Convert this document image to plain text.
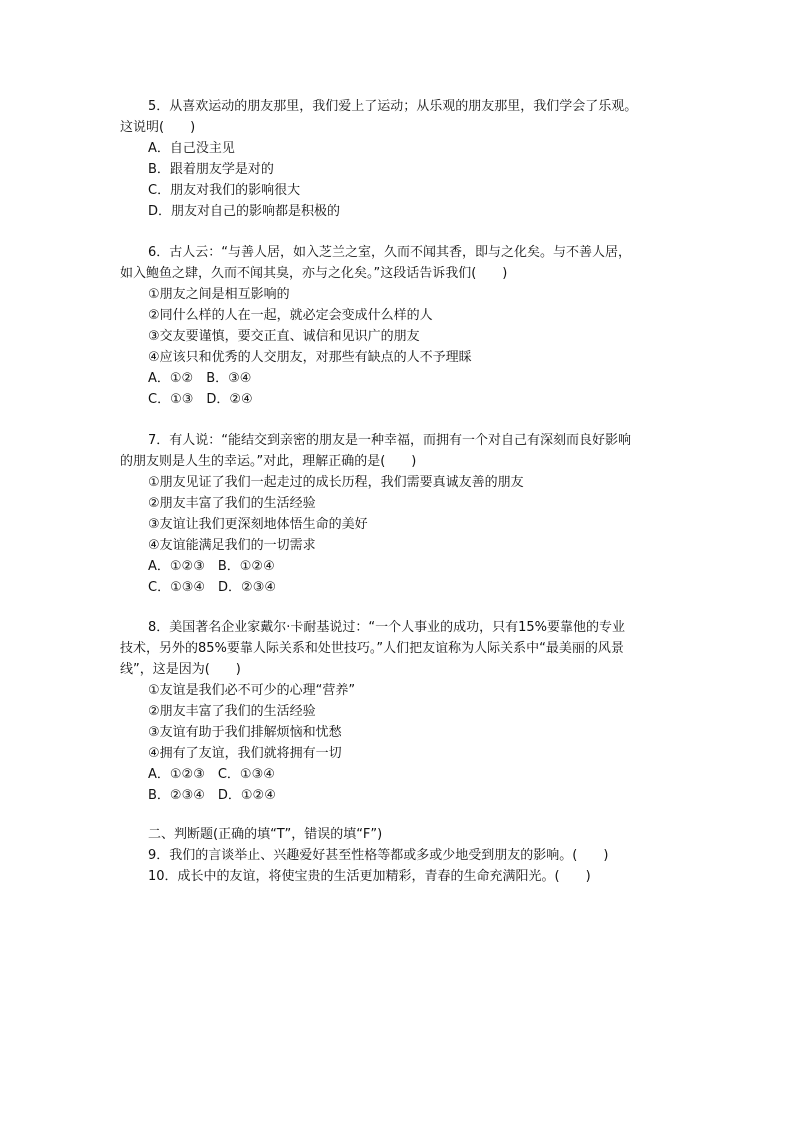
5．从喜欢运动的朋友那里，我们爱上了运动；从乐观的朋友那里，我们学会了乐观。
这说明(　　)
A．自己没主见
B．跟着朋友学是对的
C．朋友对我们的影响很大
D．朋友对自己的影响都是积极的
6．古人云：“与善人居，如入芝兰之室，久而不闻其香，即与之化矣。与不善人居，
如入鲍鱼之肆，久而不闻其臭，亦与之化矣。”这段话告诉我们(　　)
①朋友之间是相互影响的
②同什么样的人在一起，就必定会变成什么样的人
③交友要谨慎，要交正直、诚信和见识广的朋友
④应该只和优秀的人交朋友，对那些有缺点的人不予理睬
A．①②　B．③④
C．①③　D．②④
7．有人说：“能结交到亲密的朋友是一种幸福，而拥有一个对自己有深刻而良好影响
的朋友则是人生的幸运。”对此，理解正确的是(　　)
①朋友见证了我们一起走过的成长历程，我们需要真诚友善的朋友
②朋友丰富了我们的生活经验
③友谊让我们更深刻地体悟生命的美好
④友谊能满足我们的一切需求
A．①②③　B．①②④
C．①③④　D．②③④
8．美国著名企业家戴尔·卡耐基说过：“一个人事业的成功，只有15%要靠他的专业
技术，另外的85%要靠人际关系和处世技巧。”人们把友谊称为人际关系中“最美丽的风景
线”，这是因为(　　)
①友谊是我们必不可少的心理“营养”
②朋友丰富了我们的生活经验
③友谊有助于我们排解烦恼和忧愁
④拥有了友谊，我们就将拥有一切
A．①②③　C．①③④
B．②③④　D．①②④
二、判断题(正确的填“T”，错误的填“F”)
9．我们的言谈举止、兴趣爱好甚至性格等都或多或少地受到朋友的影响。(　　)
10．成长中的友谊，将使宝贵的生活更加精彩，青春的生命充满阳光。(　　)
